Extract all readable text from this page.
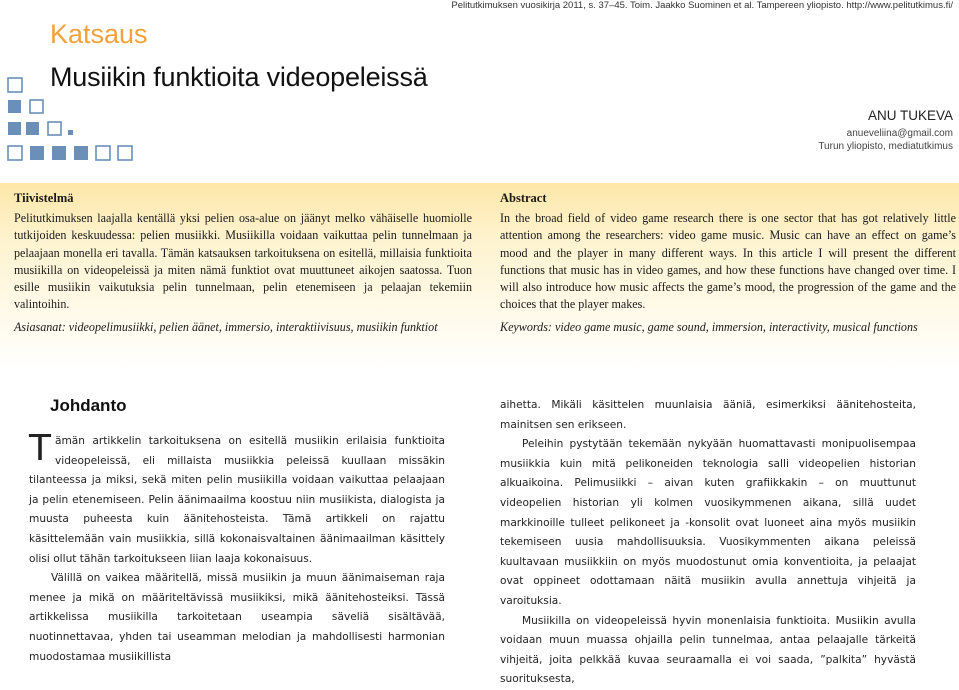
Pelitutkimuksen vuosikirja 2011, s. 37–45. Toim. Jaakko Suominen et al. Tampereen yliopisto. http://www.pelitutkimus.fi/
Katsaus
Musiikin funktioita videopeleissä
ANU TUKEVA
anueveliina@gmail.com
Turun yliopisto, mediatutkimus
Tiivistelmä

Pelitutkimuksen laajalla kentällä yksi pelien osa-alue on jäänyt melko vähäiselle huomiolle tutkijoiden keskuudessa: pelien musiikki. Musiikilla voidaan vaikuttaa pelin tunnelmaan ja pelaajaan monella eri tavalla. Tämän katsauksen tarkoituksena on esitellä, millaisia funktioita musiikilla on videopeleissä ja miten nämä funktiot ovat muuttuneet aikojen saatossa. Tuon esille musiikin vaikutuksia pelin tunnelmaan, pelin etenemiseen ja pelaajan tekemiin valintoihin.

Asiasanat: videopelimusiikki, pelien äänet, immersio, interaktiivisuus, musiikin funktiot

Abstract

In the broad field of video game research there is one sector that has got relatively little attention among the researchers: video game music. Music can have an effect on game’s mood and the player in many different ways. In this article I will present the different functions that music has in video games, and how these functions have changed over time. I will also introduce how music affects the game’s mood, the progression of the game and the choices that the player makes.

Keywords: video game music, game sound, immersion, interactivity, musical functions

Johdanto

Tämän artikkelin tarkoituksena on esitellä musiikin erilaisia funktioita videopeleissä, eli millaista musiikkia peleissä kuullaan missäkin tilanteessa ja miksi, sekä miten pelin musiikilla voidaan vaikuttaa pelaajaan ja pelin etenemiseen. Pelin äänimaailma koostuu niin musiikista, dialogista ja muusta puheesta kuin äänitehosteista. Tämä artikkeli on rajattu käsittelemään vain musiikkia, sillä kokonaisvaltainen äänimaailman käsittely olisi ollut tähän tarkoitukseen liian laaja kokonaisuus.

Välillä on vaikea määritellä, missä musiikin ja muun äänimaiseman raja menee ja mikä on määriteltävissä musiikiksi, mikä äänitehosteiksi. Tässä artikkelissa musiikilla tarkoitetaan useampia säveliä sisältävää, nuotinnettavaa, yhden tai useamman melodian ja mahdollisesti harmonian muodostamaa musiikillista

aihetta. Mikäli käsittelen muunlaisia ääniä, esimerkiksi äänitehosteita, mainitsen sen erikseen.

Peleihin pystytään tekemään nykyään huomattavasti monipuolisempaa musiikkia kuin mitä pelikoneiden teknologia salli videopelien historian alkuaikoina. Pelimusiikki – aivan kuten grafiikkakin – on muuttunut videopelien historian yli kolmen vuosikymmenen aikana, sillä uudet markkinoille tulleet pelikoneet ja -konsolit ovat luoneet aina myös musiikin tekemiseen uusia mahdollisuuksia. Vuosikymmenten aikana peleissä kuultavaan musiikkiin on myös muodostunut omia konventioita, ja pelaajat ovat oppineet odottamaan näitä musiikin avulla annettuja vihjeitä ja varoituksia.

Musiikilla on videopeleissä hyvin monenlaisia funktioita. Musiikin avulla voidaan muun muassa ohjailla pelin tunnelmaa, antaa pelaajalle tärkeitä vihjeitä, joita pelkkää kuvaa seuraamalla ei voi saada, ”palkita” hyvästä suorituksesta,
